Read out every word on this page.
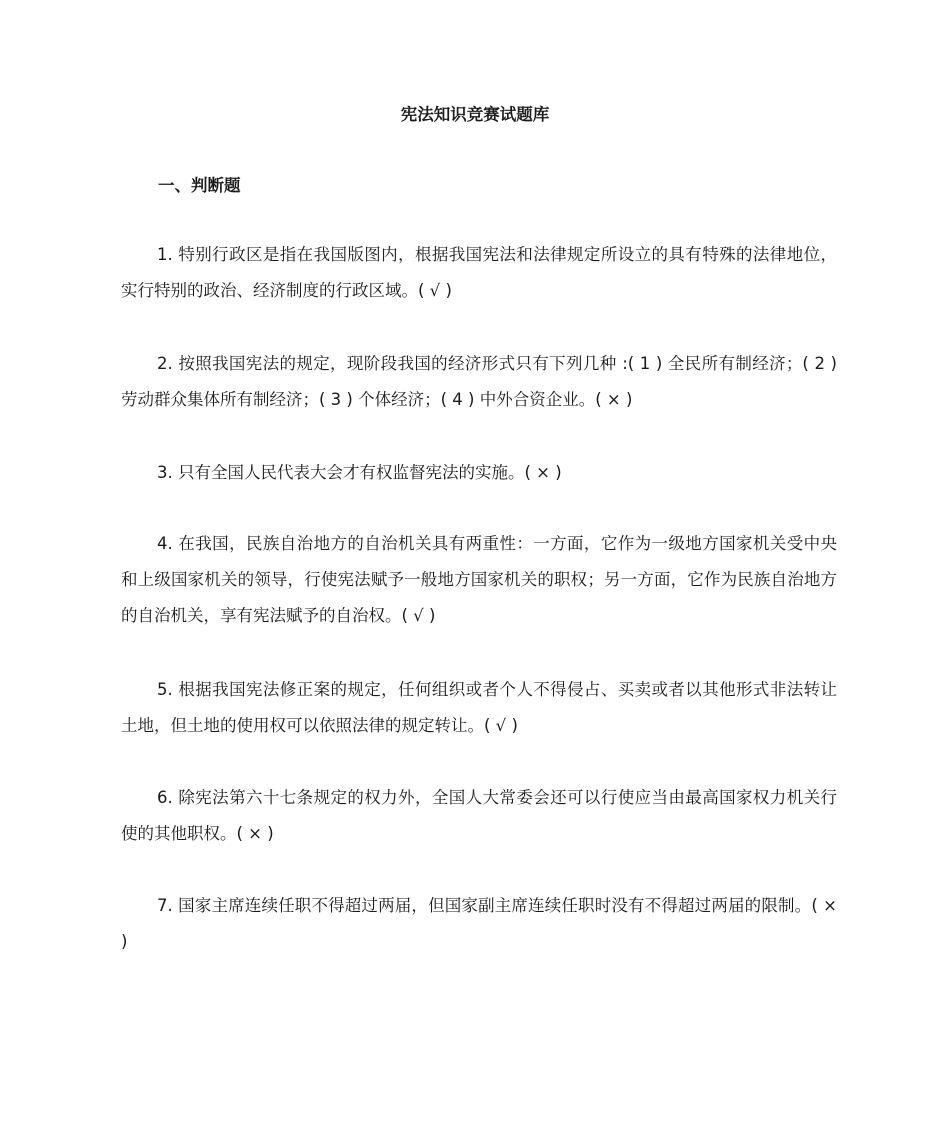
宪法知识竞赛试题库
一、判断题

1. 特别行政区是指在我国版图内，根据我国宪法和法律规定所设立的具有特殊的法律地位，实行特别的政治、经济制度的行政区域。( √ )

2. 按照我国宪法的规定，现阶段我国的经济形式只有下列几种 :( 1 ) 全民所有制经济；( 2 ) 劳动群众集体所有制经济；( 3 ) 个体经济；( 4 ) 中外合资企业。( × )

3. 只有全国人民代表大会才有权监督宪法的实施。( × )

4. 在我国，民族自治地方的自治机关具有两重性：一方面，它作为一级地方国家机关受中央和上级国家机关的领导，行使宪法赋予一般地方国家机关的职权；另一方面，它作为民族自治地方的自治机关，享有宪法赋予的自治权。( √ )

5. 根据我国宪法修正案的规定，任何组织或者个人不得侵占、买卖或者以其他形式非法转让土地，但土地的使用权可以依照法律的规定转让。( √ )

6. 除宪法第六十七条规定的权力外，全国人大常委会还可以行使应当由最高国家权力机关行使的其他职权。( × )

7. 国家主席连续任职不得超过两届，但国家副主席连续任职时没有不得超过两届的限制。( × )
